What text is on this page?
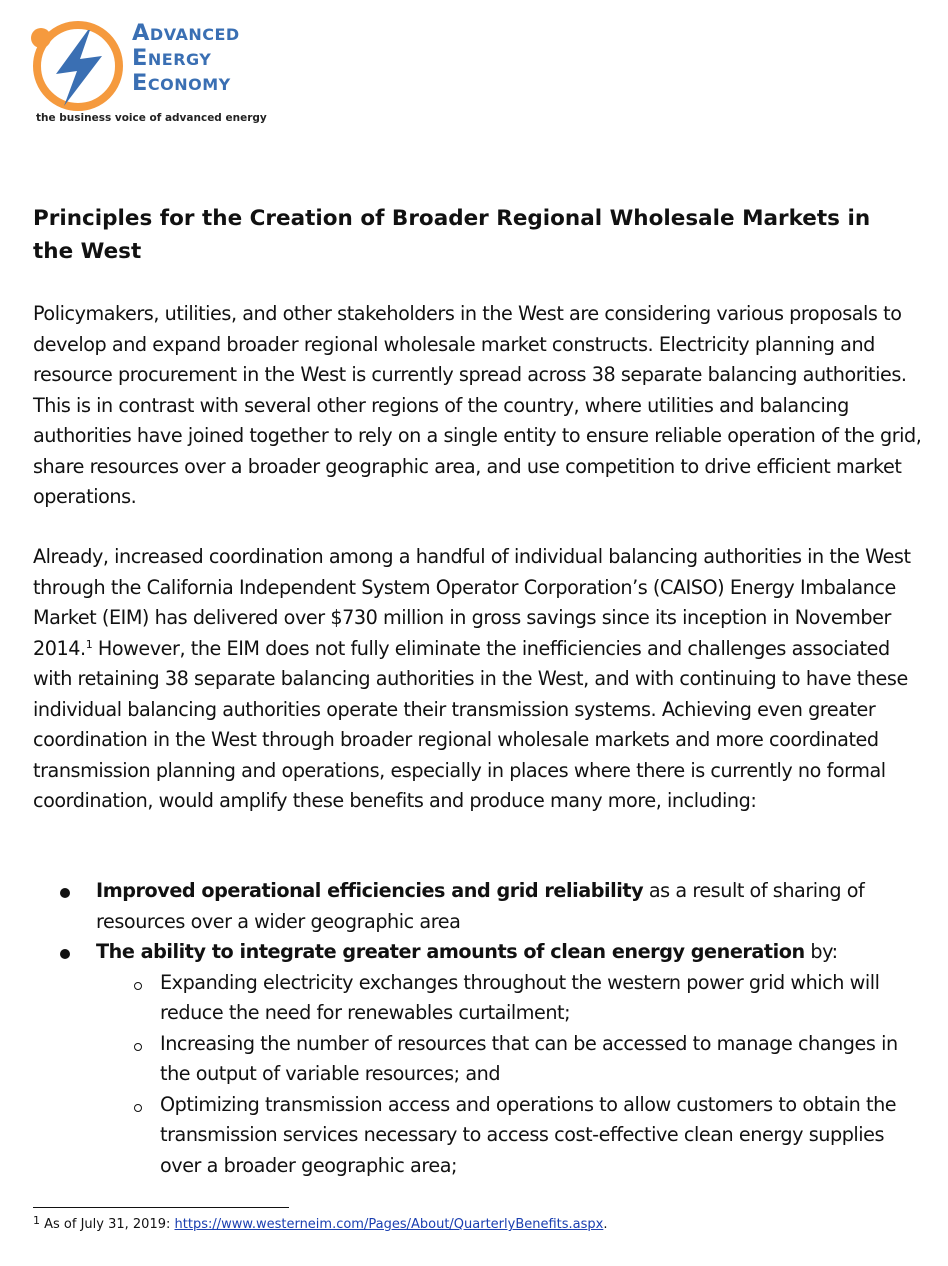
Advanced
Energy
Economy
the business voice of advanced energy
Principles for the Creation of Broader Regional Wholesale Markets in the West

Policymakers, utilities, and other stakeholders in the West are considering various proposals to develop and expand broader regional wholesale market constructs. Electricity planning and resource procurement in the West is currently spread across 38 separate balancing authorities. This is in contrast with several other regions of the country, where utilities and balancing authorities have joined together to rely on a single entity to ensure reliable operation of the grid, share resources over a broader geographic area, and use competition to drive efficient market operations.

Already, increased coordination among a handful of individual balancing authorities in the West through the California Independent System Operator Corporation’s (CAISO) Energy Imbalance Market (EIM) has delivered over $730 million in gross savings since its inception in November 2014.$^1$ However, the EIM does not fully eliminate the inefficiencies and challenges associated with retaining 38 separate balancing authorities in the West, and with continuing to have these individual balancing authorities operate their transmission systems. Achieving even greater coordination in the West through broader regional wholesale markets and more coordinated transmission planning and operations, especially in places where there is currently no formal coordination, would amplify these benefits and produce many more, including:

Improved operational efficiencies and grid reliability as a result of sharing of resources over a wider geographic area
The ability to integrate greater amounts of clean energy generation by:
Expanding electricity exchanges throughout the western power grid which will reduce the need for renewables curtailment;
Increasing the number of resources that can be accessed to manage changes in the output of variable resources; and
Optimizing transmission access and operations to allow customers to obtain the transmission services necessary to access cost-effective clean energy supplies over a broader geographic area;
$^1$ As of July 31, 2019: https://www.westerneim.com/Pages/About/QuarterlyBenefits.aspx.
